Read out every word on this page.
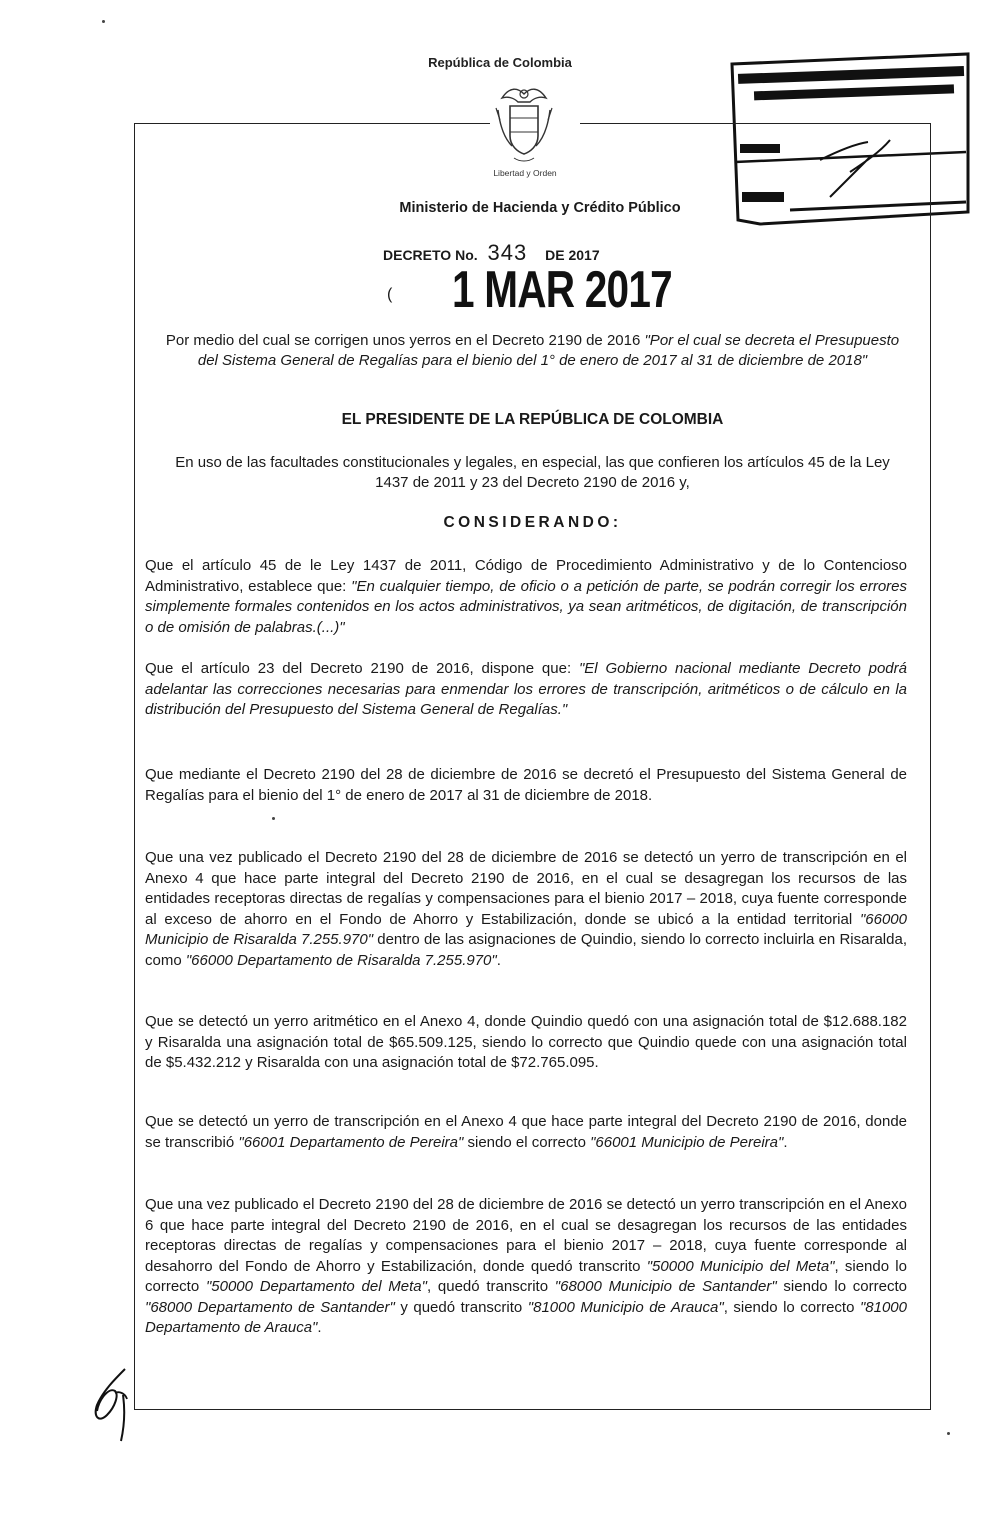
República de Colombia
Libertad y Orden
Ministerio de Hacienda y Crédito Público
DECRETO No. 343 DE 2017
( 1 MAR 2017
Por medio del cual se corrigen unos yerros en el Decreto 2190 de 2016 "Por el cual se decreta el Presupuesto del Sistema General de Regalías para el bienio del 1° de enero de 2017 al 31 de diciembre de 2018"
EL PRESIDENTE DE LA REPÚBLICA DE COLOMBIA
En uso de las facultades constitucionales y legales, en especial, las que confieren los artículos 45 de la Ley 1437 de 2011 y 23 del Decreto 2190 de 2016 y,
CONSIDERANDO:
Que el artículo 45 de le Ley 1437 de 2011, Código de Procedimiento Administrativo y de lo Contencioso Administrativo, establece que: "En cualquier tiempo, de oficio o a petición de parte, se podrán corregir los errores simplemente formales contenidos en los actos administrativos, ya sean aritméticos, de digitación, de transcripción o de omisión de palabras.(...)"
Que el artículo 23 del Decreto 2190 de 2016, dispone que: "El Gobierno nacional mediante Decreto podrá adelantar las correcciones necesarias para enmendar los errores de transcripción, aritméticos o de cálculo en la distribución del Presupuesto del Sistema General de Regalías."
Que mediante el Decreto 2190 del 28 de diciembre de 2016 se decretó el Presupuesto del Sistema General de Regalías para el bienio del 1° de enero de 2017 al 31 de diciembre de 2018.
Que una vez publicado el Decreto 2190 del 28 de diciembre de 2016 se detectó un yerro de transcripción en el Anexo 4 que hace parte integral del Decreto 2190 de 2016, en el cual se desagregan los recursos de las entidades receptoras directas de regalías y compensaciones para el bienio 2017 – 2018, cuya fuente corresponde al exceso de ahorro en el Fondo de Ahorro y Estabilización, donde se ubicó a la entidad territorial "66000 Municipio de Risaralda 7.255.970" dentro de las asignaciones de Quindio, siendo lo correcto incluirla en Risaralda, como "66000 Departamento de Risaralda 7.255.970".
Que se detectó un yerro aritmético en el Anexo 4, donde Quindio quedó con una asignación total de $12.688.182 y Risaralda una asignación total de $65.509.125, siendo lo correcto que Quindio quede con una asignación total de $5.432.212 y Risaralda con una asignación total de $72.765.095.
Que se detectó un yerro de transcripción en el Anexo 4 que hace parte integral del Decreto 2190 de 2016, donde se transcribió "66001 Departamento de Pereira" siendo el correcto "66001 Municipio de Pereira".
Que una vez publicado el Decreto 2190 del 28 de diciembre de 2016 se detectó un yerro transcripción en el Anexo 6 que hace parte integral del Decreto 2190 de 2016, en el cual se desagregan los recursos de las entidades receptoras directas de regalías y compensaciones para el bienio 2017 – 2018, cuya fuente corresponde al desahorro del Fondo de Ahorro y Estabilización, donde quedó transcrito "50000 Municipio del Meta", siendo lo correcto "50000 Departamento del Meta", quedó transcrito "68000 Municipio de Santander" siendo lo correcto "68000 Departamento de Santander" y quedó transcrito "81000 Municipio de Arauca", siendo lo correcto "81000 Departamento de Arauca".
